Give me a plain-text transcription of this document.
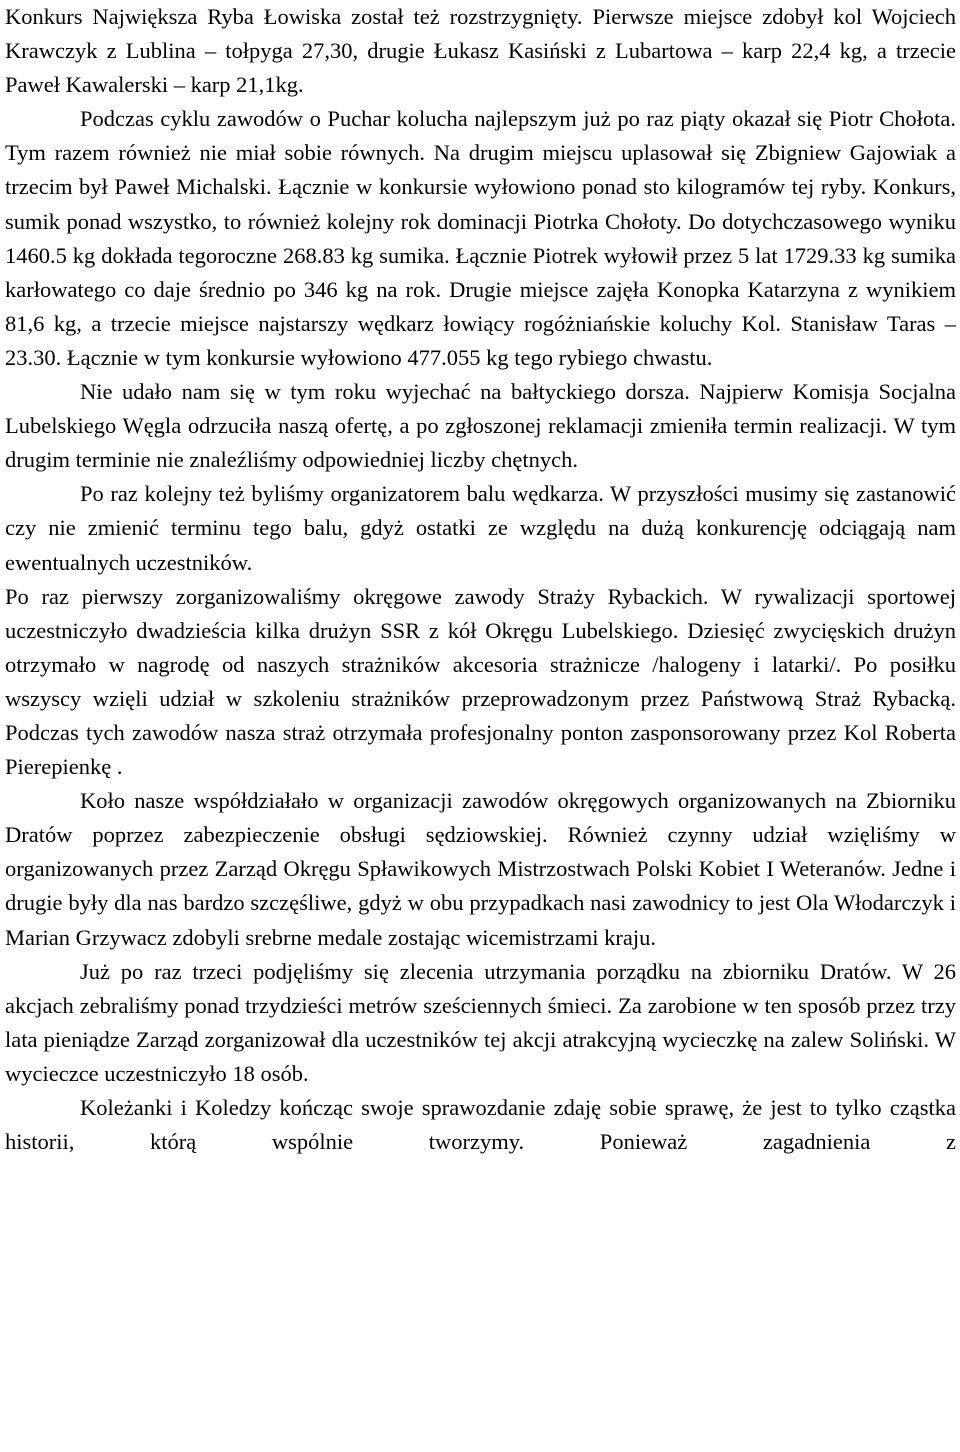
Konkurs Największa Ryba Łowiska został też rozstrzygnięty. Pierwsze miejsce zdobył kol Wojciech Krawczyk z Lublina – tołpyga 27,30, drugie Łukasz Kasiński z Lubartowa – karp 22,4 kg, a trzecie Paweł Kawalerski – karp 21,1kg.

Podczas cyklu zawodów o Puchar kolucha najlepszym już po raz piąty okazał się Piotr Chołota. Tym razem również nie miał sobie równych. Na drugim miejscu uplasował się Zbigniew Gajowiak a trzecim był Paweł Michalski. Łącznie w konkursie wyłowiono ponad sto kilogramów tej ryby. Konkurs, sumik ponad wszystko, to również kolejny rok dominacji Piotrka Chołoty. Do dotychczasowego wyniku 1460.5 kg dokłada tegoroczne 268.83 kg sumika. Łącznie Piotrek wyłowił przez 5 lat 1729.33 kg sumika karłowatego co daje średnio po 346 kg na rok. Drugie miejsce zajęła Konopka Katarzyna z wynikiem 81,6 kg, a trzecie miejsce najstarszy wędkarz łowiący rogóżniańskie koluchy Kol. Stanisław Taras – 23.30. Łącznie w tym konkursie wyłowiono 477.055 kg tego rybiego chwastu.

Nie udało nam się w tym roku wyjechać na bałtyckiego dorsza. Najpierw Komisja Socjalna Lubelskiego Węgla odrzuciła naszą ofertę, a po zgłoszonej reklamacji zmieniła termin realizacji. W tym drugim terminie nie znaleźliśmy odpowiedniej liczby chętnych.

Po raz kolejny też byliśmy organizatorem balu wędkarza. W przyszłości musimy się zastanowić czy nie zmienić terminu tego balu, gdyż ostatki ze względu na dużą konkurencję odciągają nam ewentualnych uczestników.

Po raz pierwszy zorganizowaliśmy okręgowe zawody Straży Rybackich. W rywalizacji sportowej uczestniczyło dwadzieścia kilka drużyn SSR z kół Okręgu Lubelskiego. Dziesięć zwycięskich drużyn otrzymało w nagrodę od naszych strażników akcesoria strażnicze /halogeny i latarki/. Po posiłku wszyscy wzięli udział w szkoleniu strażników przeprowadzonym przez Państwową Straż Rybacką. Podczas tych zawodów nasza straż otrzymała profesjonalny ponton zasponsorowany przez Kol Roberta Pierepienkę .

Koło nasze współdziałało w organizacji zawodów okręgowych organizowanych na Zbiorniku Dratów poprzez zabezpieczenie obsługi sędziowskiej. Również czynny udział wzięliśmy w organizowanych przez Zarząd Okręgu Spławikowych Mistrzostwach Polski Kobiet I Weteranów. Jedne i drugie były dla nas bardzo szczęśliwe, gdyż w obu przypadkach nasi zawodnicy to jest Ola Włodarczyk i Marian Grzywacz zdobyli srebrne medale zostając wicemistrzami kraju.

Już po raz trzeci podjęliśmy się zlecenia utrzymania porządku na zbiorniku Dratów. W 26 akcjach zebraliśmy ponad trzydzieści metrów sześciennych śmieci. Za zarobione w ten sposób przez trzy lata pieniądze Zarząd zorganizował dla uczestników tej akcji atrakcyjną wycieczkę na zalew Soliński. W wycieczce uczestniczyło 18 osób.

Koleżanki i Koledzy kończąc swoje sprawozdanie zdaję sobie sprawę, że jest to tylko cząstka historii, którą wspólnie tworzymy. Ponieważ zagadnienia z
